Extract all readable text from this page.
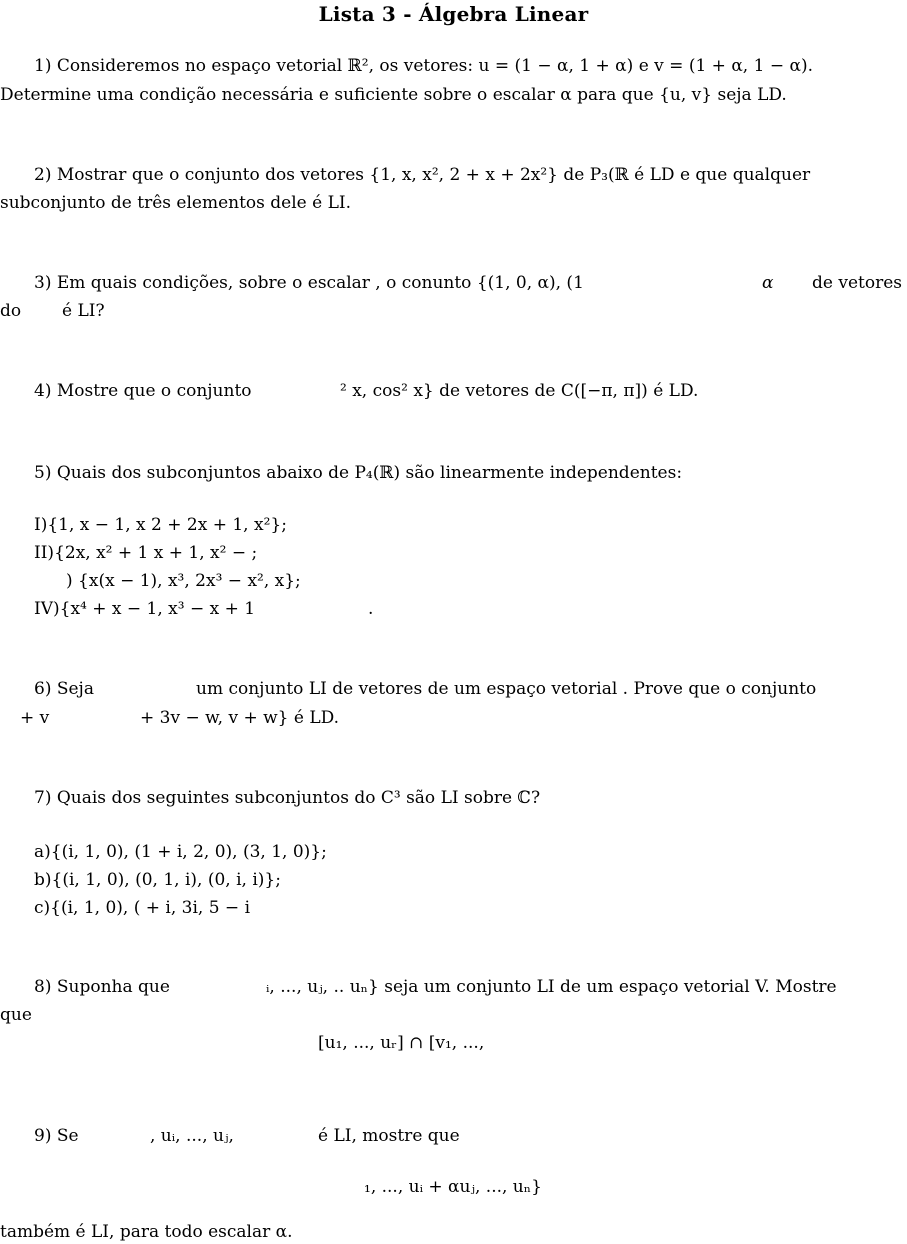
Lista 3 - Álgebra Linear
1) Consideremos no espaço vetorial ℝ², os vetores: u = (1 − α, 1 + α) e v = (1 + α, 1 − α).
Determine uma condição necessária e suficiente sobre o escalar α para que {u, v} seja LD.
2) Mostrar que o conjunto dos vetores {1, x, x², 2 + x + 2x²} de P₃(ℝ é LD e que qualquer
subconjunto de três elementos dele é LI.
3) Em quais condições, sobre o escalar , o conunto {(1, 0, α), (1	α de vetores
do é LI?
4) Mostre que o conjunto	² x, cos² x} de vetores de C([−π, π]) é LD.
5) Quais dos subconjuntos abaixo de P₄(ℝ) são linearmente independentes:
I){1, x − 1, x 2 + 2x + 1, x²};
II){2x, x² + 1 x + 1, x² − ;
) {x(x − 1), x³, 2x³ − x², x};
IV){x⁴ + x − 1, x³ − x + 1	.
6) Seja	um conjunto LI de vetores de um espaço vetorial . Prove que o conjunto
+ v	+ 3v − w, v + w} é LD.
7) Quais dos seguintes subconjuntos do C³ são LI sobre ℂ?
a){(i, 1, 0), (1 + i, 2, 0), (3, 1, 0)};
b){(i, 1, 0), (0, 1, i), (0, i, i)};
c){(i, 1, 0), ( + i, 3i, 5 − i
8) Suponha que	ᵢ, ..., uⱼ, .. uₙ} seja um conjunto LI de um espaço vetorial V. Mostre
que
[u₁, ..., uᵣ] ∩ [v₁, ...,
9) Se	, uᵢ, ..., uⱼ,	é LI, mostre que
₁, ..., uᵢ + αuⱼ, ..., uₙ}
também é LI, para todo escalar α.
